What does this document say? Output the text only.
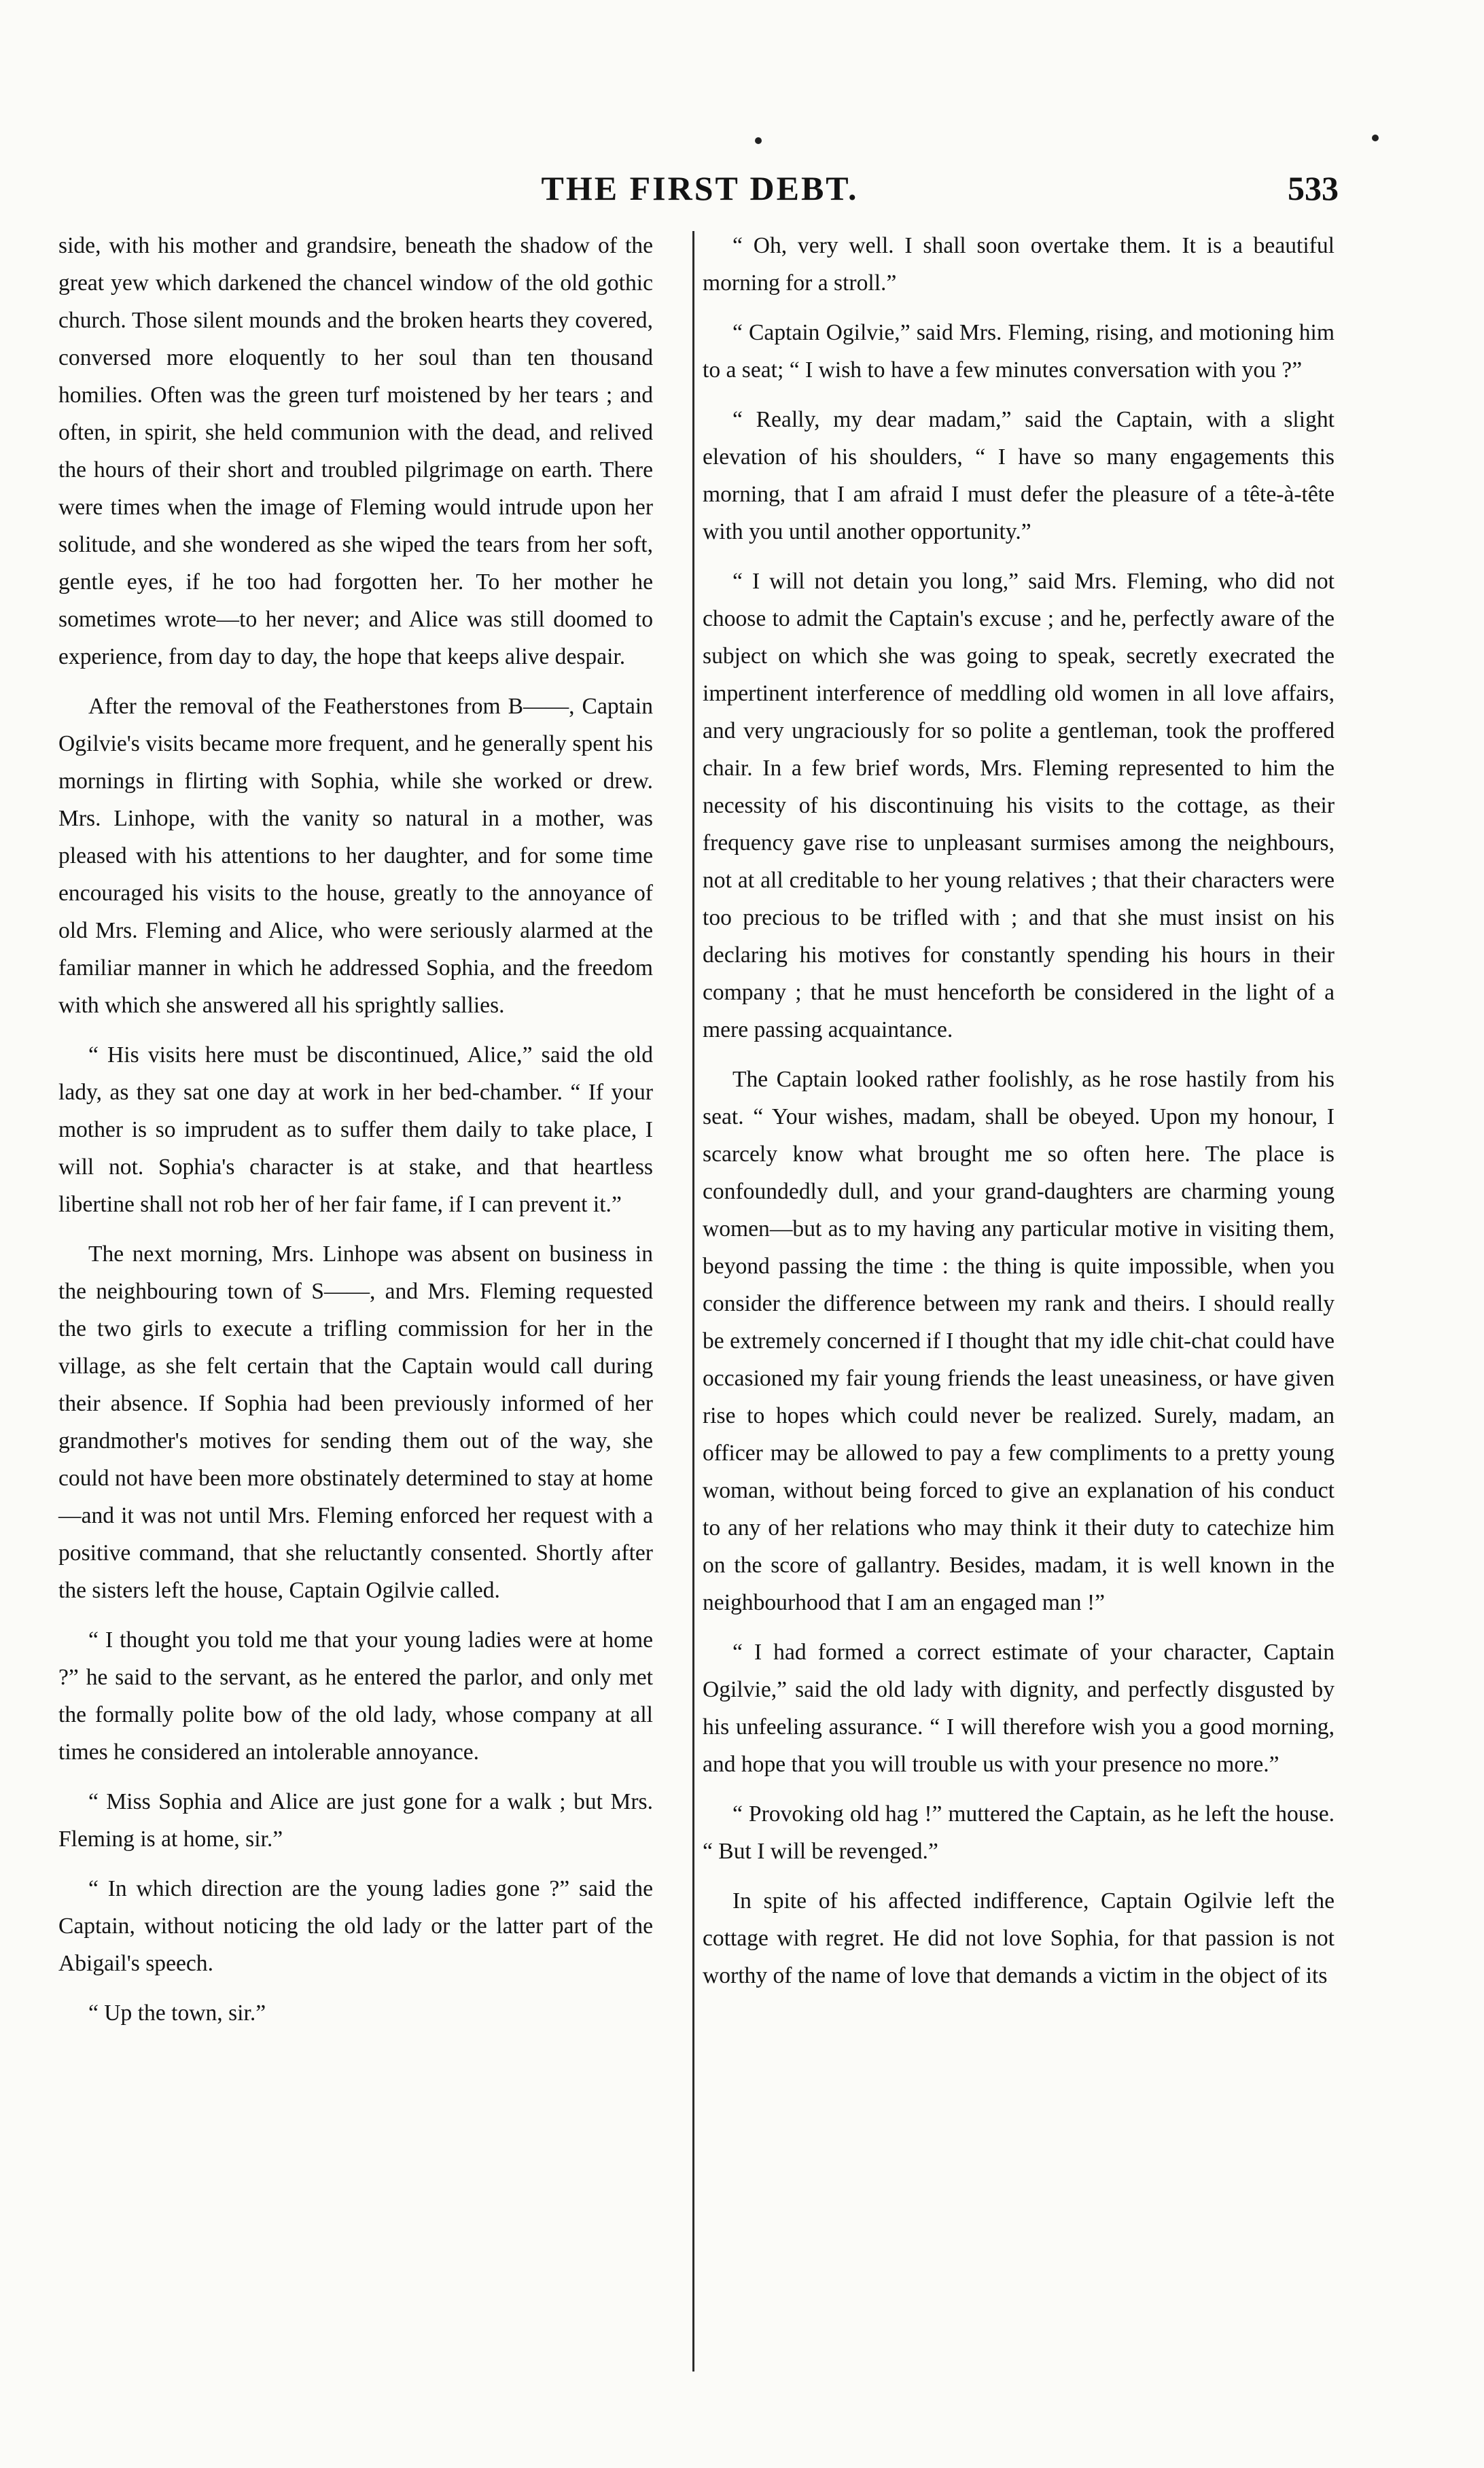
THE FIRST DEBT.	533

side, with his mother and grandsire, beneath the shadow of the great yew which darkened the chancel window of the old gothic church. Those silent mounds and the broken hearts they covered, conversed more eloquently to her soul than ten thousand homilies. Often was the green turf moistened by her tears ; and often, in spirit, she held communion with the dead, and relived the hours of their short and troubled pilgrimage on earth. There were times when the image of Fleming would intrude upon her solitude, and she wondered as she wiped the tears from her soft, gentle eyes, if he too had forgotten her. To her mother he sometimes wrote—to her never; and Alice was still doomed to experience, from day to day, the hope that keeps alive despair.

After the removal of the Featherstones from B——, Captain Ogilvie's visits became more frequent, and he generally spent his mornings in flirting with Sophia, while she worked or drew. Mrs. Linhope, with the vanity so natural in a mother, was pleased with his attentions to her daughter, and for some time encouraged his visits to the house, greatly to the annoyance of old Mrs. Fleming and Alice, who were seriously alarmed at the familiar manner in which he addressed Sophia, and the freedom with which she answered all his sprightly sallies.

“ His visits here must be discontinued, Alice,” said the old lady, as they sat one day at work in her bed-chamber. “ If your mother is so imprudent as to suffer them daily to take place, I will not. Sophia's character is at stake, and that heartless libertine shall not rob her of her fair fame, if I can prevent it.”

The next morning, Mrs. Linhope was absent on business in the neighbouring town of S——, and Mrs. Fleming requested the two girls to execute a trifling commission for her in the village, as she felt certain that the Captain would call during their absence. If Sophia had been previously informed of her grandmother's motives for sending them out of the way, she could not have been more obstinately determined to stay at home—and it was not until Mrs. Fleming enforced her request with a positive command, that she reluctantly consented. Shortly after the sisters left the house, Captain Ogilvie called.

“ I thought you told me that your young ladies were at home ?” he said to the servant, as he entered the parlor, and only met the formally polite bow of the old lady, whose company at all times he considered an intolerable annoyance.

“ Miss Sophia and Alice are just gone for a walk ; but Mrs. Fleming is at home, sir.”

“ In which direction are the young ladies gone ?” said the Captain, without noticing the old lady or the latter part of the Abigail's speech.

“ Up the town, sir.”

“ Oh, very well. I shall soon overtake them. It is a beautiful morning for a stroll.”

“ Captain Ogilvie,” said Mrs. Fleming, rising, and motioning him to a seat; “ I wish to have a few minutes conversation with you ?”

“ Really, my dear madam,” said the Captain, with a slight elevation of his shoulders, “ I have so many engagements this morning, that I am afraid I must defer the pleasure of a tête-à-tête with you until another opportunity.”

“ I will not detain you long,” said Mrs. Fleming, who did not choose to admit the Captain's excuse ; and he, perfectly aware of the subject on which she was going to speak, secretly execrated the impertinent interference of meddling old women in all love affairs, and very ungraciously for so polite a gentleman, took the proffered chair. In a few brief words, Mrs. Fleming represented to him the necessity of his discontinuing his visits to the cottage, as their frequency gave rise to unpleasant surmises among the neighbours, not at all creditable to her young relatives ; that their characters were too precious to be trifled with ; and that she must insist on his declaring his motives for constantly spending his hours in their company ; that he must henceforth be considered in the light of a mere passing acquaintance.

The Captain looked rather foolishly, as he rose hastily from his seat. “ Your wishes, madam, shall be obeyed. Upon my honour, I scarcely know what brought me so often here. The place is confoundedly dull, and your grand-daughters are charming young women—but as to my having any particular motive in visiting them, beyond passing the time : the thing is quite impossible, when you consider the difference between my rank and theirs. I should really be extremely concerned if I thought that my idle chit-chat could have occasioned my fair young friends the least uneasiness, or have given rise to hopes which could never be realized. Surely, madam, an officer may be allowed to pay a few compliments to a pretty young woman, without being forced to give an explanation of his conduct to any of her relations who may think it their duty to catechize him on the score of gallantry. Besides, madam, it is well known in the neighbourhood that I am an engaged man !”

“ I had formed a correct estimate of your character, Captain Ogilvie,” said the old lady with dignity, and perfectly disgusted by his unfeeling assurance. “ I will therefore wish you a good morning, and hope that you will trouble us with your presence no more.”

“ Provoking old hag !” muttered the Captain, as he left the house. “ But I will be revenged.”

In spite of his affected indifference, Captain Ogilvie left the cottage with regret. He did not love Sophia, for that passion is not worthy of the name of love that demands a victim in the object of its
